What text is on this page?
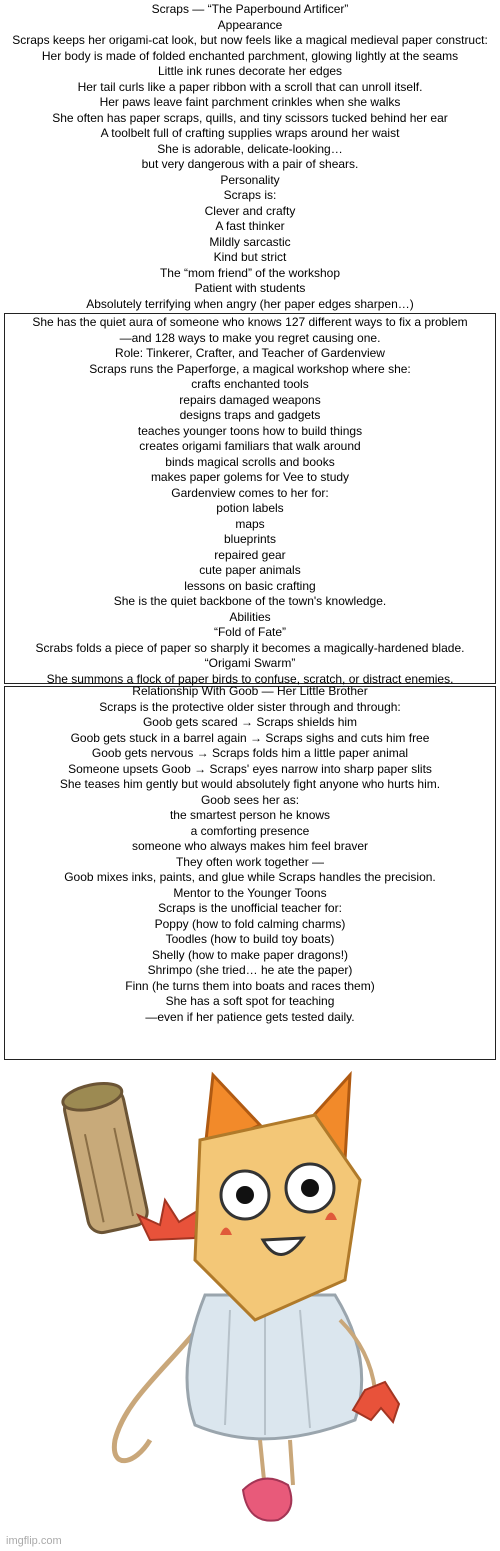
Scraps — “The Paperbound Artificer”
Appearance
Scraps keeps her origami-cat look, but now feels like a magical medieval paper construct:
Her body is made of folded enchanted parchment, glowing lightly at the seams
Little ink runes decorate her edges
Her tail curls like a paper ribbon with a scroll that can unroll itself.
Her paws leave faint parchment crinkles when she walks
She often has paper scraps, quills, and tiny scissors tucked behind her ear
A toolbelt full of crafting supplies wraps around her waist
She is adorable, delicate-looking…
but very dangerous with a pair of shears.
Personality
Scraps is:
Clever and crafty
A fast thinker
Mildly sarcastic
Kind but strict
The “mom friend” of the workshop
Patient with students
Absolutely terrifying when angry (her paper edges sharpen…)
She has the quiet aura of someone who knows 127 different ways to fix a problem
—and 128 ways to make you regret causing one.
Role: Tinkerer, Crafter, and Teacher of Gardenview
Scraps runs the Paperforge, a magical workshop where she:
crafts enchanted tools
repairs damaged weapons
designs traps and gadgets
teaches younger toons how to build things
creates origami familiars that walk around
binds magical scrolls and books
makes paper golems for Vee to study
Gardenview comes to her for:
potion labels
maps
blueprints
repaired gear
cute paper animals
lessons on basic crafting
She is the quiet backbone of the town's knowledge.
Abilities
“Fold of Fate”
Scrabs folds a piece of paper so sharply it becomes a magically-hardened blade.
“Origami Swarm”
She summons a flock of paper birds to confuse, scratch, or distract enemies.
Relationship With Goob — Her Little Brother
Scraps is the protective older sister through and through:
Goob gets scared → Scraps shields him
Goob gets stuck in a barrel again → Scraps sighs and cuts him free
Goob gets nervous → Scraps folds him a little paper animal
Someone upsets Goob → Scraps' eyes narrow into sharp paper slits
She teases him gently but would absolutely fight anyone who hurts him.
Goob sees her as:
the smartest person he knows
a comforting presence
someone who always makes him feel braver
They often work together —
Goob mixes inks, paints, and glue while Scraps handles the precision.
Mentor to the Younger Toons
Scraps is the unofficial teacher for:
Poppy (how to fold calming charms)
Toodles (how to build toy boats)
Shelly (how to make paper dragons!)
Shrimpo (she tried… he ate the paper)
Finn (he turns them into boats and races them)
She has a soft spot for teaching
—even if her patience gets tested daily.
imgflip.com
